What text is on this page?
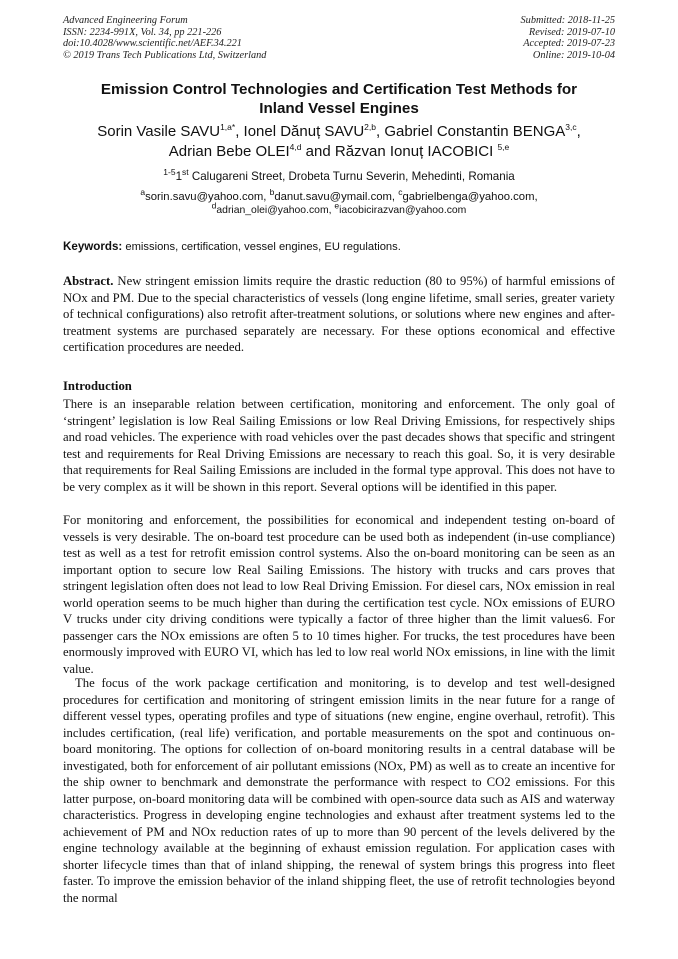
Advanced Engineering Forum
ISSN: 2234-991X, Vol. 34, pp 221-226
doi:10.4028/www.scientific.net/AEF.34.221
© 2019 Trans Tech Publications Ltd, Switzerland
Submitted: 2018-11-25
Revised: 2019-07-10
Accepted: 2019-07-23
Online: 2019-10-04
Emission Control Technologies and Certification Test Methods for
Inland Vessel Engines
Sorin Vasile $SAVU^{1,a*}$, Ionel Dănuț SAVU$^{2,b}$, Gabriel Constantin BENGA$^{3,c}$,
Adrian Bebe OLEI$^{4,d}$ and Răzvan Ionuț IACOBICI $^{5,e}$
$^{1-5}$1st Calugareni Street, Drobeta Turnu Severin, Mehedinti, Romania
$^a$sorin.savu@yahoo.com, $^b$danut.savu@ymail.com, $^c$gabrielbenga@yahoo.com,
$^d$adrian_olei@yahoo.com, $^e$iacobicirazvan@yahoo.com
Keywords: emissions, certification, vessel engines, EU regulations.

Abstract. New stringent emission limits require the drastic reduction (80 to 95%) of harmful emissions of NOx and PM. Due to the special characteristics of vessels (long engine lifetime, small series, greater variety of technical configurations) also retrofit after-treatment solutions, or solutions where new engines and after-treatment systems are purchased separately are necessary. For these options economical and effective certification procedures are needed.

Introduction

There is an inseparable relation between certification, monitoring and enforcement. The only goal of ‘stringent’ legislation is low Real Sailing Emissions or low Real Driving Emissions, for respectively ships and road vehicles. The experience with road vehicles over the past decades shows that specific and stringent test and requirements for Real Driving Emissions are necessary to reach this goal. So, it is very desirable that requirements for Real Sailing Emissions are included in the formal type approval. This does not have to be very complex as it will be shown in this report. Several options will be identified in this paper.

For monitoring and enforcement, the possibilities for economical and independent testing on-board of vessels is very desirable. The on-board test procedure can be used both as independent (in-use compliance) test as well as a test for retrofit emission control systems. Also the on-board monitoring can be seen as an important option to secure low Real Sailing Emissions. The history with trucks and cars proves that stringent legislation often does not lead to low Real Driving Emission. For diesel cars, NOx emission in real world operation seems to be much higher than during the certification test cycle. NOx emissions of EURO V trucks under city driving conditions were typically a factor of three higher than the limit values6. For passenger cars the NOx emissions are often 5 to 10 times higher. For trucks, the test procedures have been enormously improved with EURO VI, which has led to low real world NOx emissions, in line with the limit value.

The focus of the work package certification and monitoring, is to develop and test well-designed procedures for certification and monitoring of stringent emission limits in the near future for a range of different vessel types, operating profiles and type of situations (new engine, engine overhaul, retrofit). This includes certification, (real life) verification, and portable measurements on the spot and continuous on-board monitoring. The options for collection of on-board monitoring results in a central database will be investigated, both for enforcement of air pollutant emissions (NOx, PM) as well as to create an incentive for the ship owner to benchmark and demonstrate the performance with respect to CO2 emissions. For this latter purpose, on-board monitoring data will be combined with open-source data such as AIS and waterway characteristics. Progress in developing engine technologies and exhaust after treatment systems led to the achievement of PM and NOx reduction rates of up to more than 90 percent of the levels delivered by the engine technology available at the beginning of exhaust emission regulation. For application cases with shorter lifecycle times than that of inland shipping, the renewal of system brings this progress into fleet faster. To improve the emission behavior of the inland shipping fleet, the use of retrofit technologies beyond the normal
